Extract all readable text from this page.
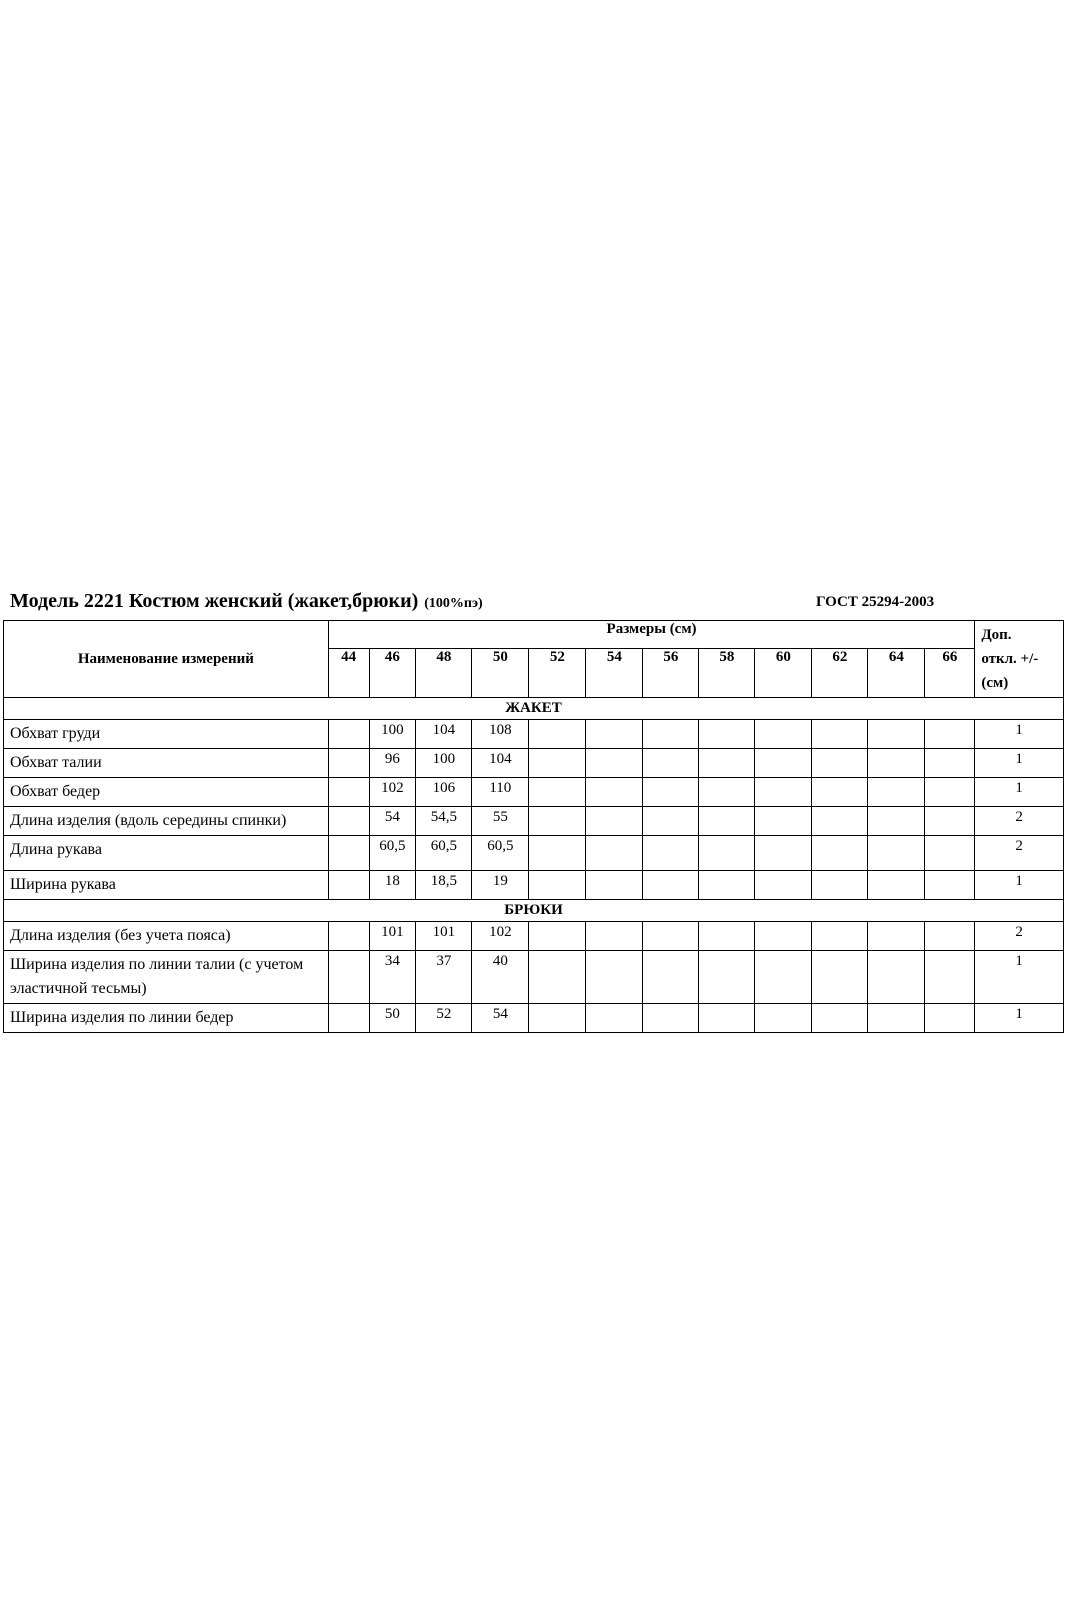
Модель 2221 Костюм женский (жакет,брюки) (100%пэ)	ГОСТ 25294-2003
Наименование измерений	Размеры (см)												Доп.
откл. +/-
(см)

	44	46	48	50	52	54	56	58	60	62	64	66	
ЖАКЕТ													
Обхват груди		100	104	108									1
Обхват талии		96	100	104									1
Обхват бедер		102	106	110									1
Длина изделия (вдоль середины спинки)		54	54,5	55									2
Длина рукава		60,5	60,5	60,5									2
Ширина рукава		18	18,5	19									1
БРЮКИ													
Длина изделия (без учета пояса)		101	101	102									2
Ширина изделия по линии талии (с учетом эластичной тесьмы)		34	37	40									1
Ширина изделия по линии бедер		50	52	54									1
